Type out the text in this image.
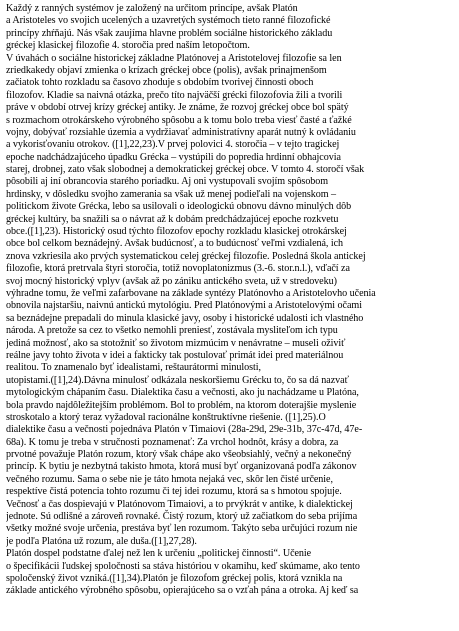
Každý z ranných systémov je založený na určitom princípe, avšak Platón
a Aristoteles vo svojich ucelených a uzavretých systémoch tieto ranné filozofické
princípy zhŕňajú. Nás však zaujíma hlavne problém sociálne historického základu
gréckej klasickej filozofie 4. storočia pred naším letopočtom.
V úvahách o sociálne historickej základne Platónovej a Aristotelovej filozofie sa len
zriedkakedy objaví zmienka o krízach gréckej obce (polis), avšak prinajmenšom
začiatok tohto rozkladu sa časovo zhoduje s obdobím tvorivej činnosti oboch
filozofov. Kladie sa naivná otázka, prečo títo najväčší grécki filozofovia žili a tvorili
práve v období otrvej krízy gréckej antiky. Je známe, že rozvoj gréckej obce bol spätý
s rozmachom otrokárskeho výrobného spôsobu a k tomu bolo treba viesť časté a ťažké
vojny, dobývať rozsiahle územia a vydržiavať administratívny aparát nutný k ovládaniu
a vykorisťovaniu otrokov. ([1],22,23).V prvej polovici 4. storočia – v tejto tragickej
epoche nadchádzajúceho úpadku Grécka – vystúpili do popredia hrdinní obhajcovia
starej, drobnej, zato však slobodnej a demokratickej gréckej obce. V tomto 4. storočí však
pôsobili aj iní obrancovia starého poriadku. Aj oni vystupovali svojím spôsobom
hrdinsky, v dôsledku svojho zamerania sa však už menej podieľali na vojenskom –
politickom živote Grécka, lebo sa usilovali o ideologickú obnovu dávno minulých dôb
gréckej kultúry, ba snažili sa o návrat až k dobám predchádzajúcej epoche rozkvetu
obce.([1],23). Historický osud týchto filozofov epochy rozkladu klasickej otrokárskej
obce bol celkom beznádejný. Avšak budúcnosť, a to budúcnosť veľmi vzdialená, ich
znova vzkriesila ako prvých systematickou celej gréckej filozofie. Posledná škola antickej
filozofie, ktorá pretrvala štyri storočia, totiž novoplatonizmus (3.-6. stor.n.l.), vďačí za
svoj mocný historický vplyv (avšak až po zániku antického sveta, už v stredoveku)
výhradne tomu, že veľmi zafarbovane na základe syntézy Platónovho a Aristotelovho učenia
obnovila najstaršiu, naivnú antickú mytológiu. Pred Platónovými a Aristotelovými očami
sa beznádejne prepadali do minula klasické javy, osoby i historické udalosti ich vlastného
národa. A pretože sa cez to všetko nemohli preniesť, zostávala mysliteľom ich typu
jediná možnosť, ako sa stotožniť so životom mizmúcim v nenávratne – museli oživiť
reálne javy tohto života v idei a fakticky tak postulovať primát idei pred materiálnou
realitou. To znamenalo byť idealistami, reštaurátormi minulosti,
utopistami.([1],24).Dávna minulosť odkázala neskoršiemu Grécku to, čo sa dá nazvať
mytologickým chápaním času. Dialektika času a večnosti, ako ju nachádzame u Platóna,
bola pravdo najdôležitejším problémom. Bol to problém, na ktorom doterajšie myslenie
stroskotalo a ktorý teraz vyžadoval racionálne konštruktívne riešenie. ([1],25).O
dialektike času a večnosti pojednáva Platón v Timaiovi (28a-29d, 29e-31b, 37c-47d, 47e-
68a). K tomu je treba v stručnosti poznamenať: Za vrchol hodnôt, krásy a dobra, za
prvotné považuje Platón rozum, ktorý však chápe ako všeobsiahlý, večný a nekonečný
princíp. K bytiu je nezbytná takisto hmota, ktorá musí byť organizovaná podľa zákonov
večného rozumu. Sama o sebe nie je táto hmota nejaká vec, skôr len čisté určenie,
respektíve čistá potencia tohto rozumu či tej idei rozumu, ktorá sa s hmotou spojuje.
Večnosť a čas dospievajú v Platónovom Timaiovi, a to prvýkrát v antike, k dialektickej
jednote. Sú odlišné a zároveň rovnaké. Čistý rozum, ktorý už začiatkom do seba prijíma
všetky možné svoje určenia, prestáva byť len rozumom. Takýto seba určujúci rozum nie
je podľa Platóna už rozum, ale duša.([1],27,28).
Platón dospel podstatne ďalej než len k určeniu „politickej činnosti“. Učenie
o špecifikácii ľudskej spoločnosti sa stáva históriou v okamihu, keď skúmame, ako tento
spoločenský život vzniká.([1],34).Platón je filozofom gréckej polis, ktorá vznikla na
základe antického výrobného spôsobu, opierajúceho sa o vzťah pána a otroka. Aj keď sa
